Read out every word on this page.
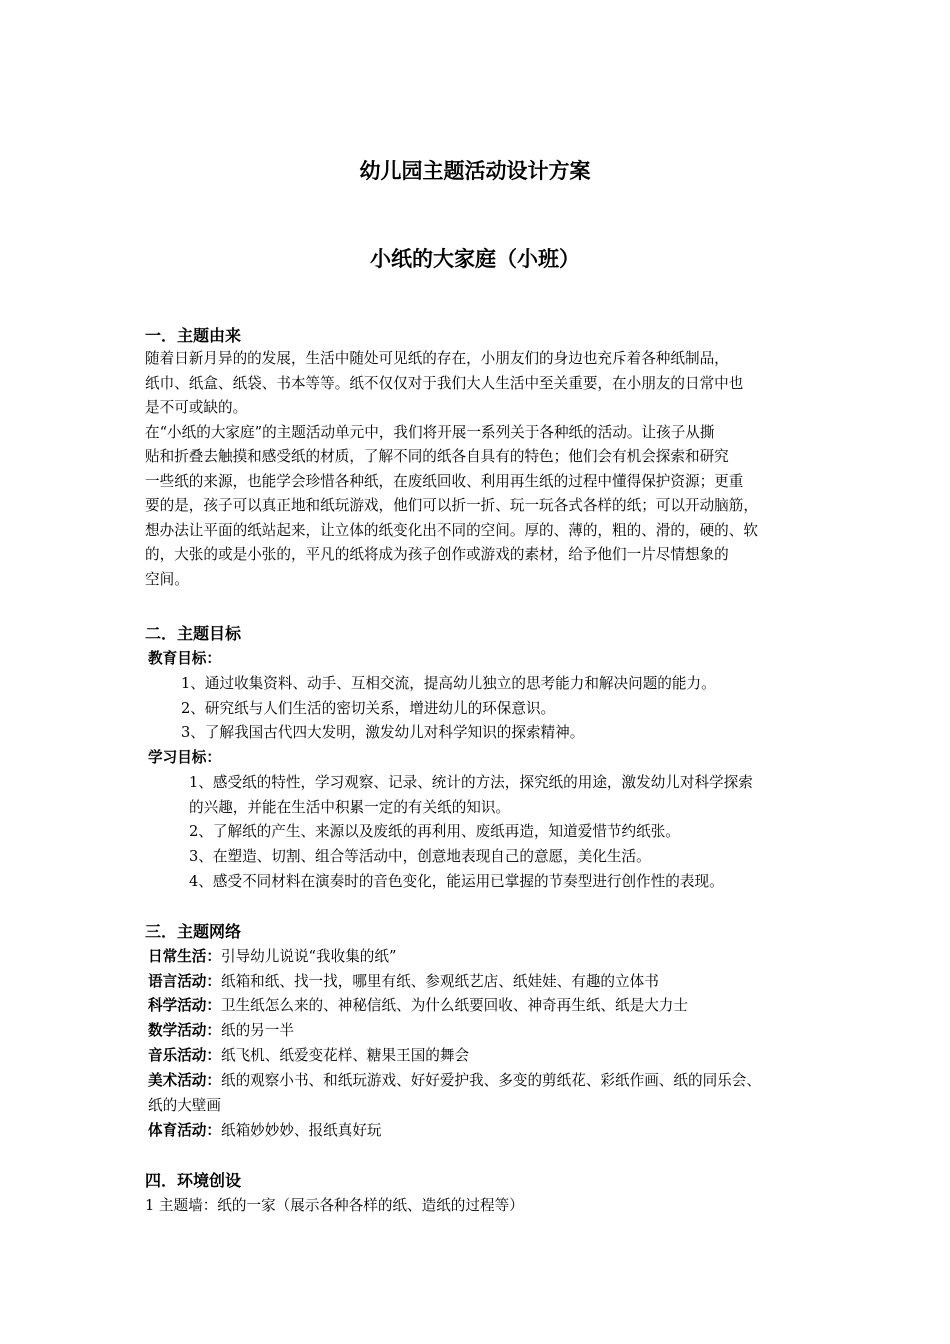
幼儿园主题活动设计方案
小纸的大家庭（小班）
一．主题由来
随着日新月异的的发展，生活中随处可见纸的存在，小朋友们的身边也充斥着各种纸制品，
纸巾、纸盒、纸袋、书本等等。纸不仅仅对于我们大人生活中至关重要，在小朋友的日常中也
是不可或缺的。
在“小纸的大家庭”的主题活动单元中，我们将开展一系列关于各种纸的活动。让孩子从撕
贴和折叠去触摸和感受纸的材质，了解不同的纸各自具有的特色；他们会有机会探索和研究
一些纸的来源，也能学会珍惜各种纸，在废纸回收、利用再生纸的过程中懂得保护资源；更重
要的是，孩子可以真正地和纸玩游戏，他们可以折一折、玩一玩各式各样的纸；可以开动脑筋，
想办法让平面的纸站起来，让立体的纸变化出不同的空间。厚的、薄的，粗的、滑的，硬的、软
的，大张的或是小张的，平凡的纸将成为孩子创作或游戏的素材，给予他们一片尽情想象的
空间。
二．主题目标
教育目标：
1、通过收集资料、动手、互相交流，提高幼儿独立的思考能力和解决问题的能力。
2、研究纸与人们生活的密切关系，增进幼儿的环保意识。
3、了解我国古代四大发明，激发幼儿对科学知识的探索精神。
学习目标：
1、感受纸的特性，学习观察、记录、统计的方法，探究纸的用途，激发幼儿对科学探索
的兴趣，并能在生活中积累一定的有关纸的知识。
2、了解纸的产生、来源以及废纸的再利用、废纸再造，知道爱惜节约纸张。
3、在塑造、切割、组合等活动中，创意地表现自己的意愿，美化生活。
4、感受不同材料在演奏时的音色变化，能运用已掌握的节奏型进行创作性的表现。
三．主题网络
日常生活：引导幼儿说说“我收集的纸”
语言活动：纸箱和纸、找一找，哪里有纸、参观纸艺店、纸娃娃、有趣的立体书
科学活动：卫生纸怎么来的、神秘信纸、为什么纸要回收、神奇再生纸、纸是大力士
数学活动：纸的另一半
音乐活动：纸飞机、纸爱变花样、糖果王国的舞会
美术活动：纸的观察小书、和纸玩游戏、好好爱护我、多变的剪纸花、彩纸作画、纸的同乐会、
纸的大壁画
体育活动：纸箱妙妙妙、报纸真好玩
四．环境创设
1 主题墙：纸的一家（展示各种各样的纸、造纸的过程等）
